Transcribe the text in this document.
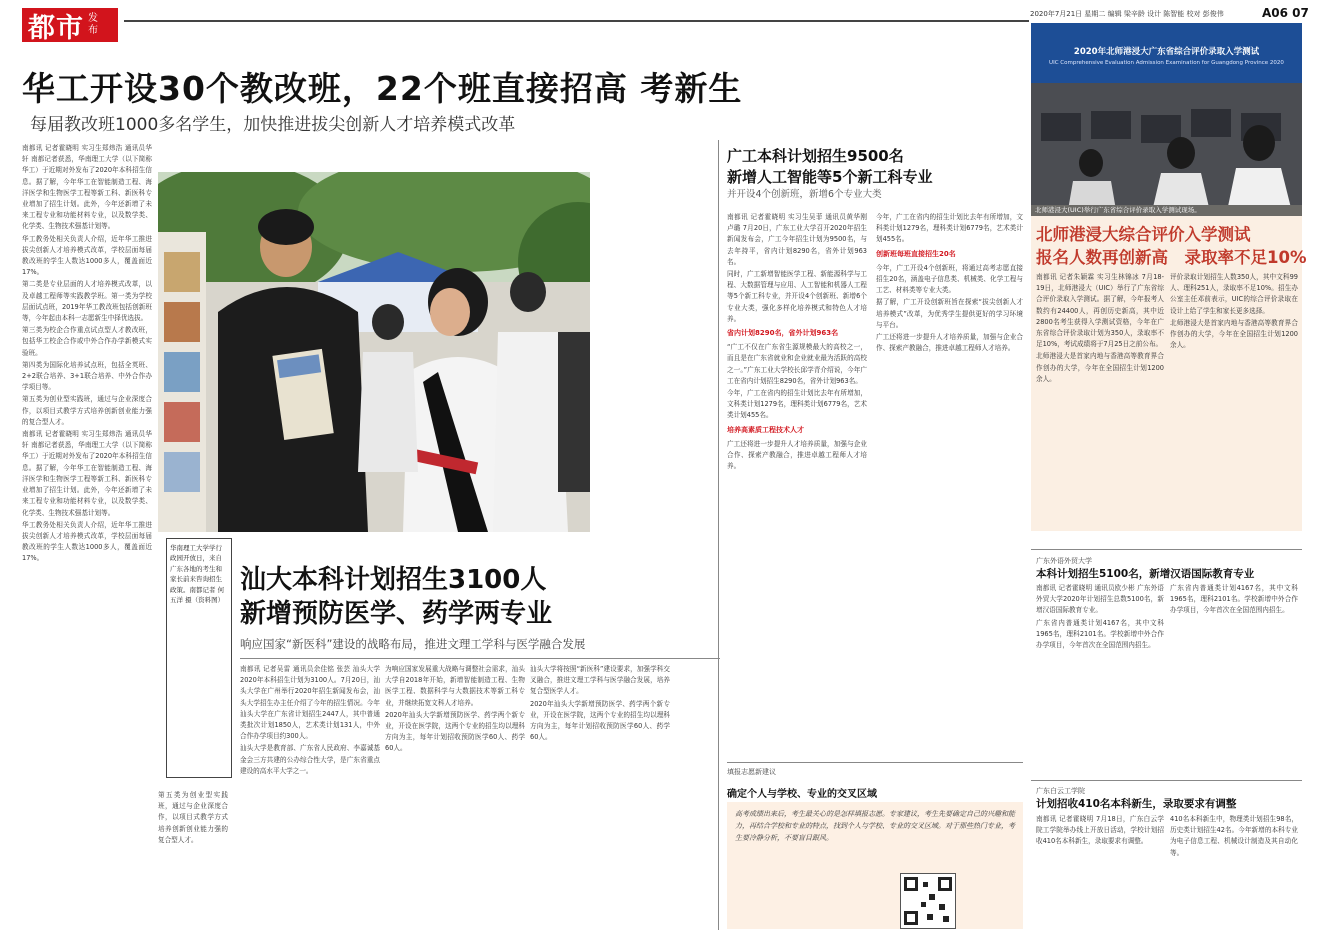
都市 发布
2020年7月21日 星期二 编辑 梁辛龄 设计 陈智能 校对 彭俊伟	A06 07
华工开设30个教改班，22个班直接招高 考新生
每届教改班1000多名学生，加快推进拔尖创新人才培养模式改革

南都讯 记者霍晓明 实习生郑炜浩 通讯员华轩 南都记者获悉，华南理工大学（以下简称华工）于近期对外发布了2020年本科招生信息。据了解，今年华工在智能制造工程、海洋医学和生物医学工程等新工科、新医科专业增加了招生计划。此外，今年还新增了未来工程专业和功能材料专业，以及数学类、化学类、生物技术强基计划等。

华工教务处相关负责人介绍，近年华工推进拔尖创新人才培养模式改革，学校层面每届教改班的学生人数达1000多人，覆盖面近17%。

第二类是专业层面的人才培养模式改革，以及卓越工程师等实践教学班。第一类为学校层面试点班，2019年华工教改班包括创新班等，今年起由本科一志愿新生中择优选拔。

第三类为校企合作重点试点型人才教改班，包括华工校企合作或中外合作办学新模式实验班。

第四类为国际化培养试点班，包括全英班、2+2联合培养、3+1联合培养、中外合作办学项目等。

第五类为创业型实践班，通过与企业深度合作，以项目式教学方式培养创新创业能力强的复合型人才。

南都讯 记者霍晓明 实习生郑炜浩 通讯员华轩 南都记者获悉，华南理工大学（以下简称华工）于近期对外发布了2020年本科招生信息。据了解，今年华工在智能制造工程、海洋医学和生物医学工程等新工科、新医科专业增加了招生计划。此外，今年还新增了未来工程专业和功能材料专业，以及数学类、化学类、生物技术强基计划等。

华工教务处相关负责人介绍，近年华工推进拔尖创新人才培养模式改革，学校层面每届教改班的学生人数达1000多人，覆盖面近17%。

第五类为创业型实践班，通过与企业深度合作，以项目式教学方式培养创新创业能力强的复合型人才。

华南理工大学学行政园开放日，来自广东各地的考生和家长前来咨询招生政策。南都记者 何五洋 摄（资料图）
汕大本科计划招生3100人
新增预防医学、药学两专业
响应国家“新医科”建设的战略布局，推进文理工学科与医学融合发展

南都讯 记者吴雷 通讯员余佳铭 张芸 汕头大学2020年本科招生计划为3100人。7月20日，汕头大学在广州举行2020年招生新闻发布会，汕头大学招生办主任介绍了今年的招生情况。今年汕头大学在广东省计划招生2447人，其中普通类批次计划1850人，艺术类计划131人，中外合作办学项目约300人。

汕头大学是教育部、广东省人民政府、李嘉诚基金会三方共建的公办综合性大学，是广东省重点建设的高水平大学之一。

为响应国家发展重大战略与调整社会需求，汕头大学自2018年开始，新增智能制造工程、生物医学工程、数据科学与大数据技术等新工科专业，并继续拓宽文科人才培养。

2020年汕头大学新增预防医学、药学两个新专业，开设在医学院，这两个专业的招生均以理科方向为主，每年计划招收预防医学60人、药学60人。

汕头大学将按照“新医科”建设要求，加强学科交叉融合，推进文理工学科与医学融合发展，培养复合型医学人才。

2020年汕头大学新增预防医学、药学两个新专业，开设在医学院，这两个专业的招生均以理科方向为主，每年计划招收预防医学60人、药学60人。

广工本科计划招生9500名
新增人工智能等5个新工科专业
并开设4个创新班，新增6个专业大类

南都讯 记者霍晓明 实习生吴菲 通讯员黄华刚 卢璐 7月20日，广东工业大学召开2020年招生新闻发布会，广工今年招生计划为9500名，与去年持平，省内计划8290名，省外计划963名。

同时，广工新增智能医学工程、新能源科学与工程、大数据管理与应用、人工智能和机器人工程等5个新工科专业，并开设4个创新班、新增6个专业大类，强化多样化培养模式和特色人才培养。

省内计划8290名，省外计划963名

“广工不仅在广东省生源规模最大的高校之一，而且是在广东省就业和企业就业最为活跃的高校之一。”广东工业大学校长邱学青介绍说，今年广工在省内计划招生8290名，省外计划963名。

今年，广工在省内的招生计划比去年有所增加，文科类计划1279名，理科类计划6779名，艺术类计划455名。

培养高素质工程技术人才

广工还将进一步提升人才培养质量，加强与企业合作、探索产教融合，推进卓越工程师人才培养。

今年，广工在省内的招生计划比去年有所增加，文科类计划1279名，理科类计划6779名，艺术类计划455名。

创新班每班直接招生20名

今年，广工开设4个创新班，将通过高考志愿直接招生20名，涵盖电子信息类、机械类、化学工程与工艺、材料类等专业大类。

据了解，广工开设创新班旨在探索“拔尖创新人才培养模式”改革，为优秀学生提供更好的学习环境与平台。

广工还将进一步提升人才培养质量，加强与企业合作、探索产教融合，推进卓越工程师人才培养。

填报志愿新建议
确定个人与学校、专业的交叉区域

高考成绩出来后，考生最关心的是怎样填报志愿。专家建议，考生先要确定自己的兴趣和能力，再结合学校和专业的特点，找到个人与学校、专业的交叉区域。对于那些热门专业，考生要冷静分析，不要盲目跟风。

2020年北师港浸大广东省综合评价录取入学测试
UIC Comprehensive Evaluation Admission Examination for Guangdong Province 2020
北师港浸大(UIC)举行广东省综合评价录取入学测试现场。
北师港浸大综合评价入学测试
报名人数再创新高　录取率不足10%

南都讯 记者朱颖霖 实习生林锦冰 7月18-19日，北师港浸大（UIC）举行了广东省综合评价录取入学测试。据了解，今年报考人数约有24400人，再创历史新高，其中近2800名考生获得入学测试资格，今年在广东省综合评价录取计划为350人，录取率不足10%，考试成绩将于7月25日之前公布。

北师港浸大是首家内地与香港高等教育界合作创办的大学，今年在全国招生计划1200余人。

评价录取计划招生人数350人，其中文科99人、理科251人，录取率不足10%。招生办公室主任邓前表示，UIC的综合评价录取在设计上给了学生和家长更多选择。

北师港浸大是首家内地与香港高等教育界合作创办的大学，今年在全国招生计划1200余人。

广东外语外贸大学
本科计划招生5100名，新增汉语国际教育专业

南都讯 记者霍晓明 通讯员欧少彬 广东外语外贸大学2020年计划招生总数5100名，新增汉语国际教育专业。

广东省内普通类计划4167名，其中文科1965名，理科2101名。学校新增中外合作办学项目，今年首次在全国范围内招生。

广东省内普通类计划4167名，其中文科1965名，理科2101名。学校新增中外合作办学项目，今年首次在全国范围内招生。

广东白云工学院
计划招收410名本科新生，录取要求有调整

南都讯 记者霍晓明 7月18日，广东白云学院工学院举办线上开放日活动，学校计划招收410名本科新生，录取要求有调整。

410名本科新生中，物理类计划招生98名，历史类计划招生42名。今年新增的本科专业为电子信息工程、机械设计制造及其自动化等。
